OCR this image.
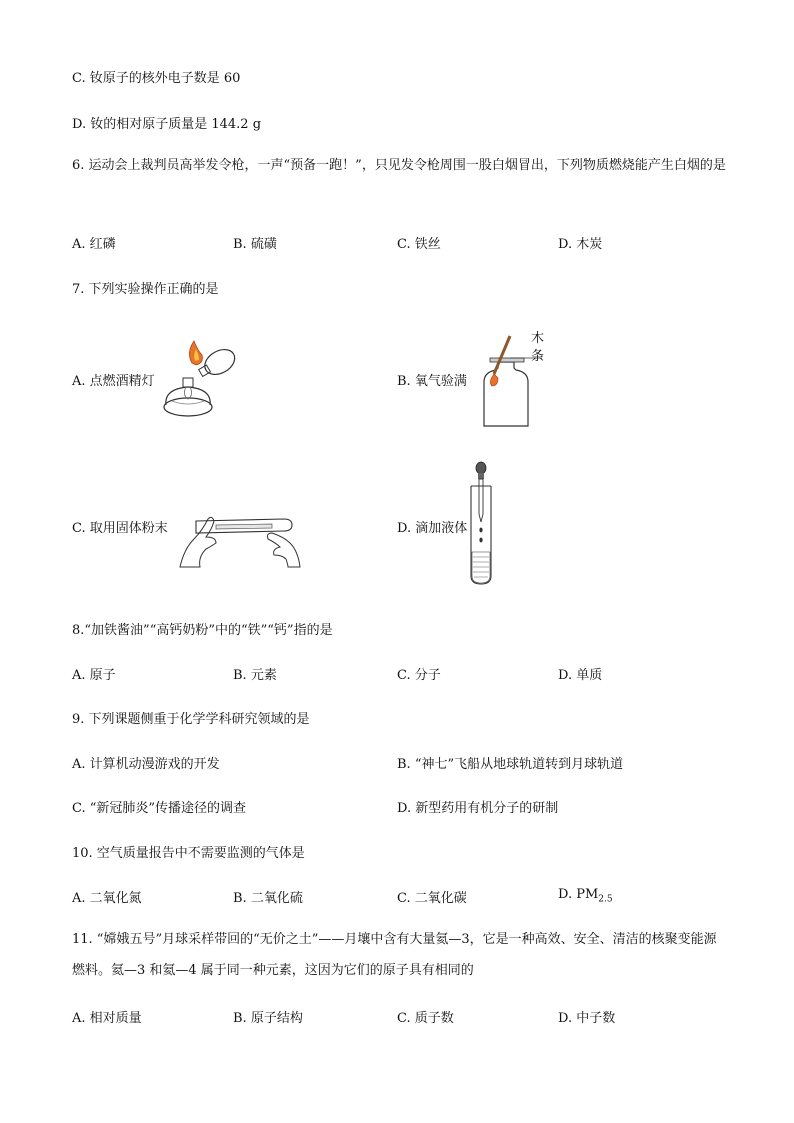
C. 钕原子的核外电子数是 60
D. 钕的相对原子质量是 144.2 g
6. 运动会上裁判员高举发令枪，一声“预备一跑！”，只见发令枪周围一股白烟冒出，下列物质燃烧能产生白烟的是
A. 红磷	B. 硫磺	C. 铁丝	D. 木炭
7. 下列实验操作正确的是
A. 点燃酒精灯	B. 氧气验满
木
条
C. 取用固体粉末	D. 滴加液体
8.“加铁酱油”“高钙奶粉”中的“铁”“钙”指的是
A. 原子	B. 元素	C. 分子	D. 单质
9. 下列课题侧重于化学学科研究领域的是
A. 计算机动漫游戏的开发	B. “神七”飞船从地球轨道转到月球轨道
C. “新冠肺炎”传播途径的调查	D. 新型药用有机分子的研制
10. 空气质量报告中不需要监测的气体是
A. 二氧化氮	B. 二氧化硫	C. 二氧化碳	D. $PM_{2.5}$
11. “嫦娥五号”月球采样带回的“无价之土”——月壤中含有大量氦—3，它是一种高效、安全、清洁的核聚变能源燃料。氦—3 和氦—4 属于同一种元素，这因为它们的原子具有相同的
A. 相对质量	B. 原子结构	C. 质子数	D. 中子数
